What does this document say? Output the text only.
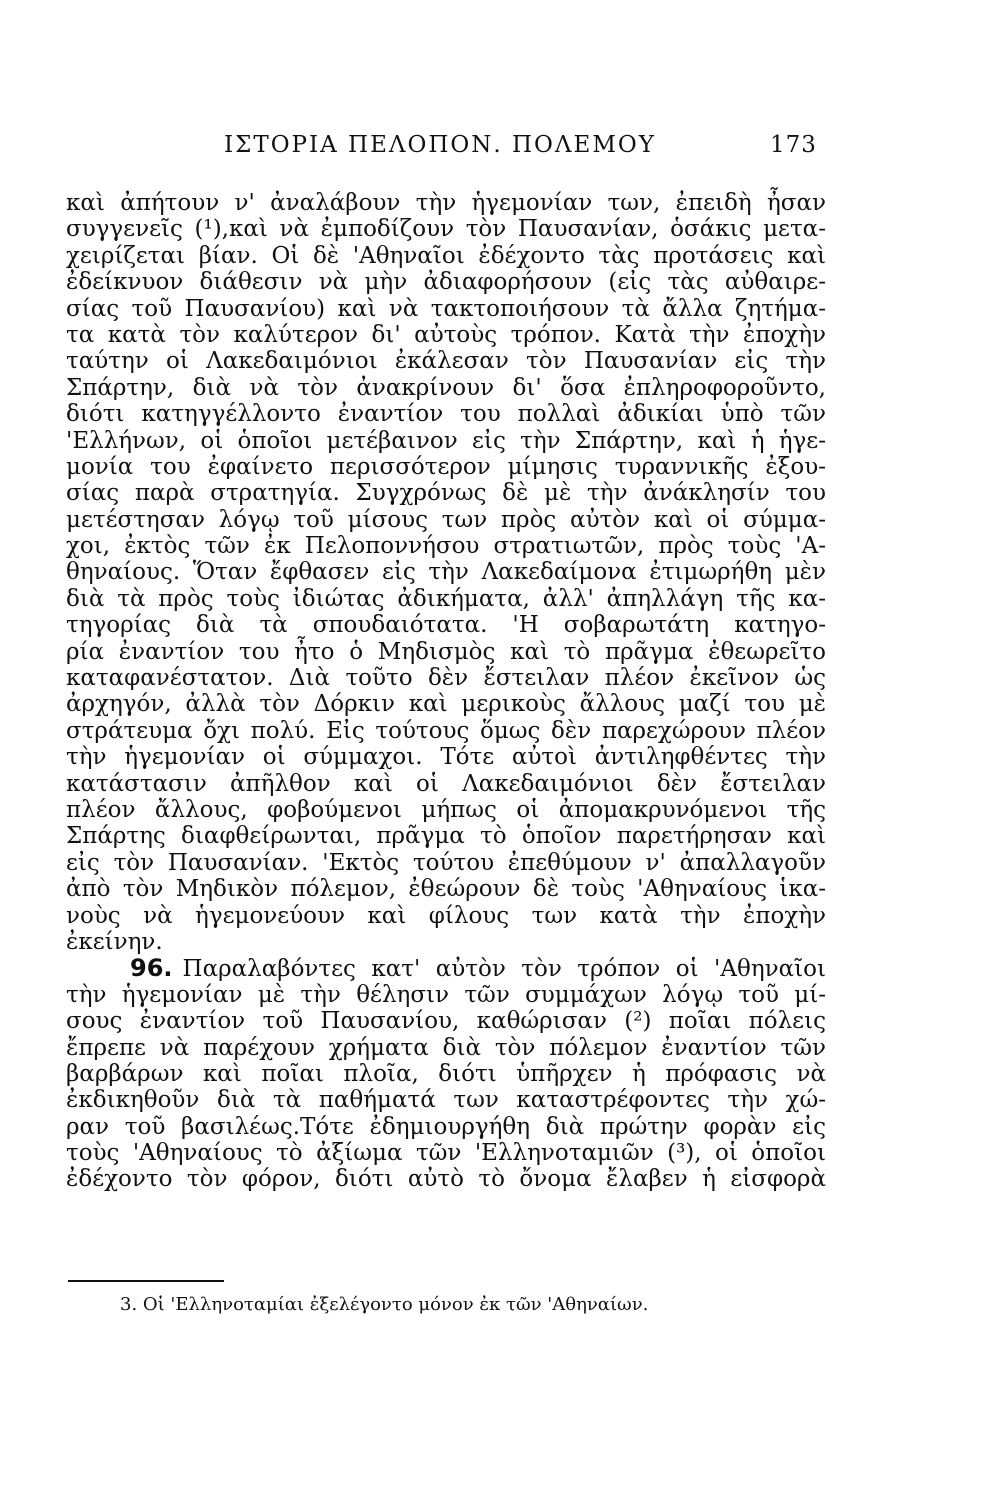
ΙΣΤΟΡΙΑ ΠΕΛΟΠΟΝ. ΠΟΛΕΜΟΥ	173
καὶ ἀπήτουν ν' ἀναλάβουν τὴν ἡγεμονίαν των, ἐπειδὴ ἦσαν
συγγενεῖς (¹),καὶ νὰ ἐμποδίζουν τὸν Παυσανίαν, ὁσάκις μετα-
χειρίζεται βίαν. Οἱ δὲ 'Αθηναῖοι ἐδέχοντο τὰς προτάσεις καὶ
ἐδείκνυον διάθεσιν νὰ μὴν ἀδιαφορήσουν (εἰς τὰς αὐθαιρε-
σίας τοῦ Παυσανίου) καὶ νὰ τακτοποιήσουν τὰ ἄλλα ζητήμα-
τα κατὰ τὸν καλύτερον δι' αὐτοὺς τρόπον. Κατὰ τὴν ἐποχὴν
ταύτην οἱ Λακεδαιμόνιοι ἐκάλεσαν τὸν Παυσανίαν εἰς τὴν
Σπάρτην, διὰ νὰ τὸν ἀνακρίνουν δι' ὅσα ἐπληροφοροῦντο,
διότι κατηγγέλλοντο ἐναντίον του πολλαὶ ἀδικίαι ὑπὸ τῶν
'Ελλήνων, οἱ ὁποῖοι μετέβαινον εἰς τὴν Σπάρτην, καὶ ἡ ἡγε-
μονία του ἐφαίνετο περισσότερον μίμησις τυραννικῆς ἐξου-
σίας παρὰ στρατηγία. Συγχρόνως δὲ μὲ τὴν ἀνάκλησίν του
μετέστησαν λόγῳ τοῦ μίσους των πρὸς αὐτὸν καὶ οἱ σύμμα-
χοι, ἐκτὸς τῶν ἐκ Πελοποννήσου στρατιωτῶν, πρὸς τοὺς 'Α-
θηναίους. Ὅταν ἔφθασεν εἰς τὴν Λακεδαίμονα ἐτιμωρήθη μὲν
διὰ τὰ πρὸς τοὺς ἰδιώτας ἀδικήματα, ἀλλ' ἀπηλλάγη τῆς κα-
τηγορίας διὰ τὰ σπουδαιότατα. 'Η σοβαρωτάτη κατηγο-
ρία ἐναντίον του ἦτο ὁ Μηδισμὸς καὶ τὸ πρᾶγμα ἐθεωρεῖτο
καταφανέστατον. Διὰ τοῦτο δὲν ἔστειλαν πλέον ἐκεῖνον ὡς
ἀρχηγόν, ἀλλὰ τὸν Δόρκιν καὶ μερικοὺς ἄλλους μαζί του μὲ
στράτευμα ὄχι πολύ. Εἰς τούτους ὅμως δὲν παρεχώρουν πλέον
τὴν ἡγεμονίαν οἱ σύμμαχοι. Τότε αὐτοὶ ἀντιληφθέντες τὴν
κατάστασιν ἀπῆλθον καὶ οἱ Λακεδαιμόνιοι δὲν ἔστειλαν
πλέον ἄλλους, φοβούμενοι μήπως οἱ ἀπομακρυνόμενοι τῆς
Σπάρτης διαφθείρωνται, πρᾶγμα τὸ ὁποῖον παρετήρησαν καὶ
εἰς τὸν Παυσανίαν. 'Εκτὸς τούτου ἐπεθύμουν ν' ἀπαλλαγοῦν
ἀπὸ τὸν Μηδικὸν πόλεμον, ἐθεώρουν δὲ τοὺς 'Αθηναίους ἱκα-
νοὺς νὰ ἡγεμονεύουν καὶ φίλους των κατὰ τὴν ἐποχὴν
ἐκείνην.
96. Παραλαβόντες κατ' αὐτὸν τὸν τρόπον οἱ 'Αθηναῖοι
τὴν ἡγεμονίαν μὲ τὴν θέλησιν τῶν συμμάχων λόγῳ τοῦ μί-
σους ἐναντίον τοῦ Παυσανίου, καθώρισαν (²) ποῖαι πόλεις
ἔπρεπε νὰ παρέχουν χρήματα διὰ τὸν πόλεμον ἐναντίον τῶν
βαρβάρων καὶ ποῖαι πλοῖα, διότι ὑπῆρχεν ἡ πρόφασις νὰ
ἐκδικηθοῦν διὰ τὰ παθήματά των καταστρέφοντες τὴν χώ-
ραν τοῦ βασιλέως.Τότε ἐδημιουργήθη διὰ πρώτην φορὰν εἰς
τοὺς 'Αθηναίους τὸ ἀξίωμα τῶν 'Ελληνοταμιῶν (³), οἱ ὁποῖοι
ἐδέχοντο τὸν φόρον, διότι αὐτὸ τὸ ὄνομα ἔλαβεν ἡ εἰσφορὰ
3. Οἱ 'Ελληνοταμίαι ἐξελέγοντο μόνον ἐκ τῶν 'Αθηναίων.
